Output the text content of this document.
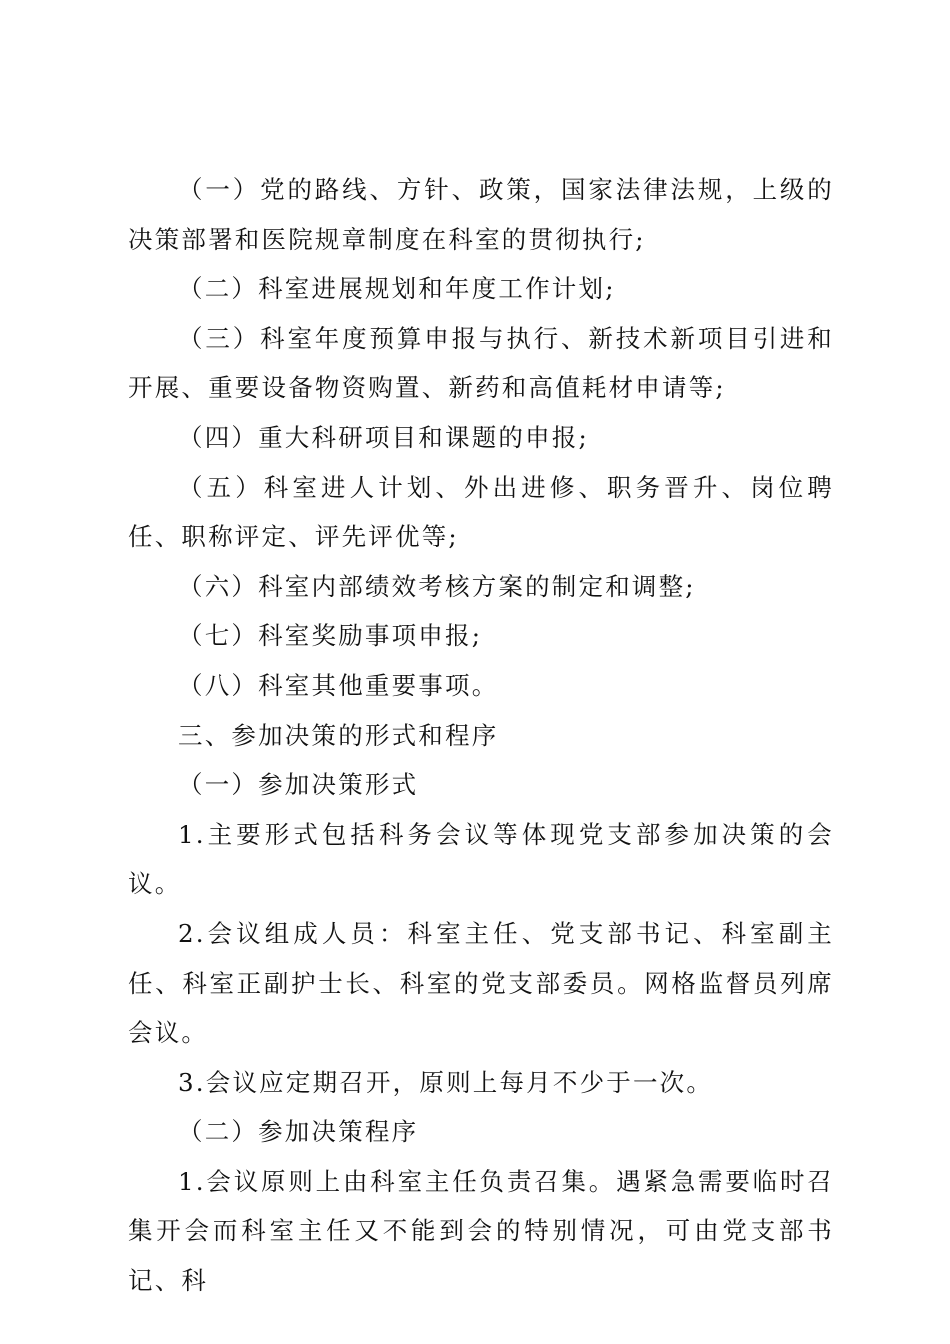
（一）党的路线、方针、政策，国家法律法规，上级的决策部署和医院规章制度在科室的贯彻执行;

（二）科室进展规划和年度工作计划;

（三）科室年度预算申报与执行、新技术新项目引进和开展、重要设备物资购置、新药和高值耗材申请等;

（四）重大科研项目和课题的申报;

（五）科室进人计划、外出进修、职务晋升、岗位聘任、职称评定、评先评优等;

（六）科室内部绩效考核方案的制定和调整;

（七）科室奖励事项申报;

（八）科室其他重要事项。

三、参加决策的形式和程序

（一）参加决策形式

1.主要形式包括科务会议等体现党支部参加决策的会议。

2.会议组成人员：科室主任、党支部书记、科室副主任、科室正副护士长、科室的党支部委员。网格监督员列席会议。

3.会议应定期召开，原则上每月不少于一次。

（二）参加决策程序

1.会议原则上由科室主任负责召集。遇紧急需要临时召集开会而科室主任又不能到会的特别情况，可由党支部书记、科
